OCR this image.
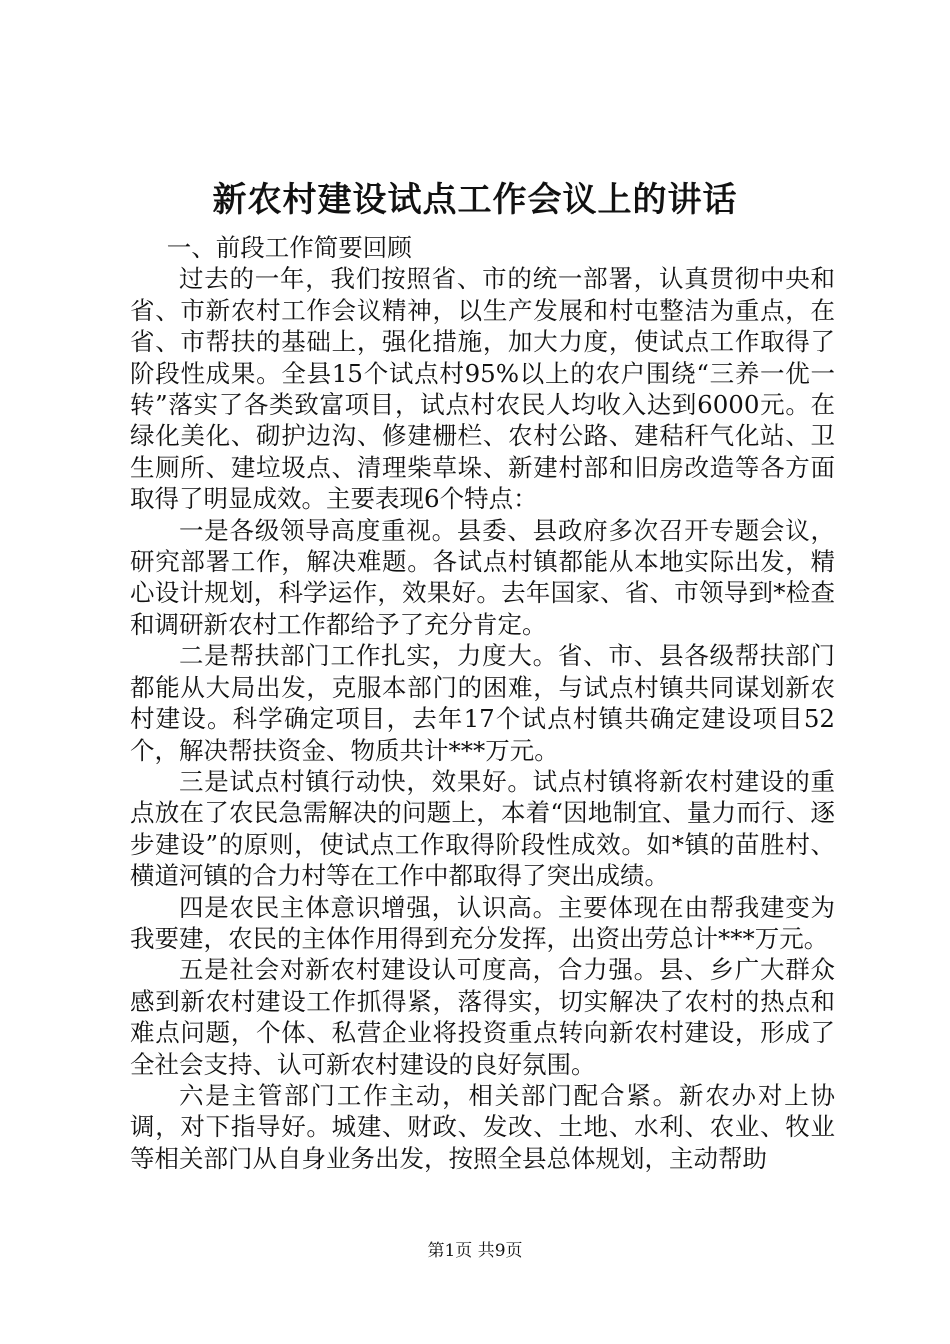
新农村建设试点工作会议上的讲话

一、前段工作简要回顾

过去的一年，我们按照省、市的统一部署，认真贯彻中央和省、市新农村工作会议精神，以生产发展和村屯整洁为重点，在省、市帮扶的基础上，强化措施，加大力度，使试点工作取得了阶段性成果。全县15个试点村95%以上的农户围绕“三养一优一转”落实了各类致富项目，试点村农民人均收入达到6000元。在绿化美化、砌护边沟、修建栅栏、农村公路、建秸秆气化站、卫生厕所、建垃圾点、清理柴草垛、新建村部和旧房改造等各方面取得了明显成效。主要表现6个特点：

一是各级领导高度重视。县委、县政府多次召开专题会议，研究部署工作，解决难题。各试点村镇都能从本地实际出发，精心设计规划，科学运作，效果好。去年国家、省、市领导到*检查和调研新农村工作都给予了充分肯定。

二是帮扶部门工作扎实，力度大。省、市、县各级帮扶部门都能从大局出发，克服本部门的困难，与试点村镇共同谋划新农村建设。科学确定项目，去年17个试点村镇共确定建设项目52个，解决帮扶资金、物质共计***万元。

三是试点村镇行动快，效果好。试点村镇将新农村建设的重点放在了农民急需解决的问题上，本着“因地制宜、量力而行、逐步建设”的原则，使试点工作取得阶段性成效。如*镇的苗胜村、横道河镇的合力村等在工作中都取得了突出成绩。

四是农民主体意识增强，认识高。主要体现在由帮我建变为我要建，农民的主体作用得到充分发挥，出资出劳总计***万元。

五是社会对新农村建设认可度高，合力强。县、乡广大群众感到新农村建设工作抓得紧，落得实，切实解决了农村的热点和难点问题，个体、私营企业将投资重点转向新农村建设，形成了全社会支持、认可新农村建设的良好氛围。

六是主管部门工作主动，相关部门配合紧。新农办对上协调，对下指导好。城建、财政、发改、土地、水利、农业、牧业等相关部门从自身业务出发，按照全县总体规划，主动帮助

第1页 共9页
